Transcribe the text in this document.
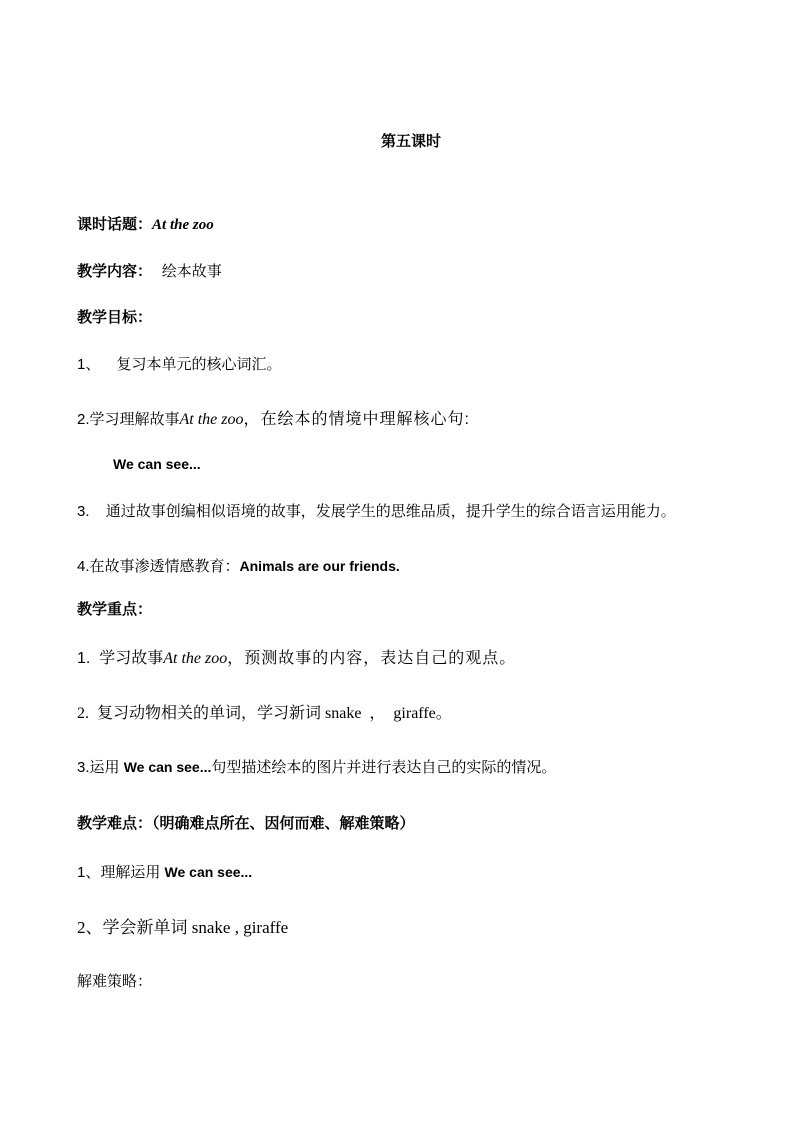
第五课时
课时话题：At the zoo
教学内容： 绘本故事
教学目标：
1、 复习本单元的核心词汇。
2.学习理解故事At the zoo，在绘本的情境中理解核心句:
We can see...
3. 通过故事创编相似语境的故事，发展学生的思维品质，提升学生的综合语言运用能力。
4.在故事渗透情感教育：Animals are our friends.
教学重点：
1.  学习故事At the zoo，预测故事的内容，表达自己的观点。
2.  复习动物相关的单词，学习新词 snake  ，  giraffe。
3.运用 We can see...句型描述绘本的图片并进行表达自己的实际的情况。
教学难点：（明确难点所在、因何而难、解难策略）
1、理解运用 We can see...
2、学会新单词 snake , giraffe
解难策略：
